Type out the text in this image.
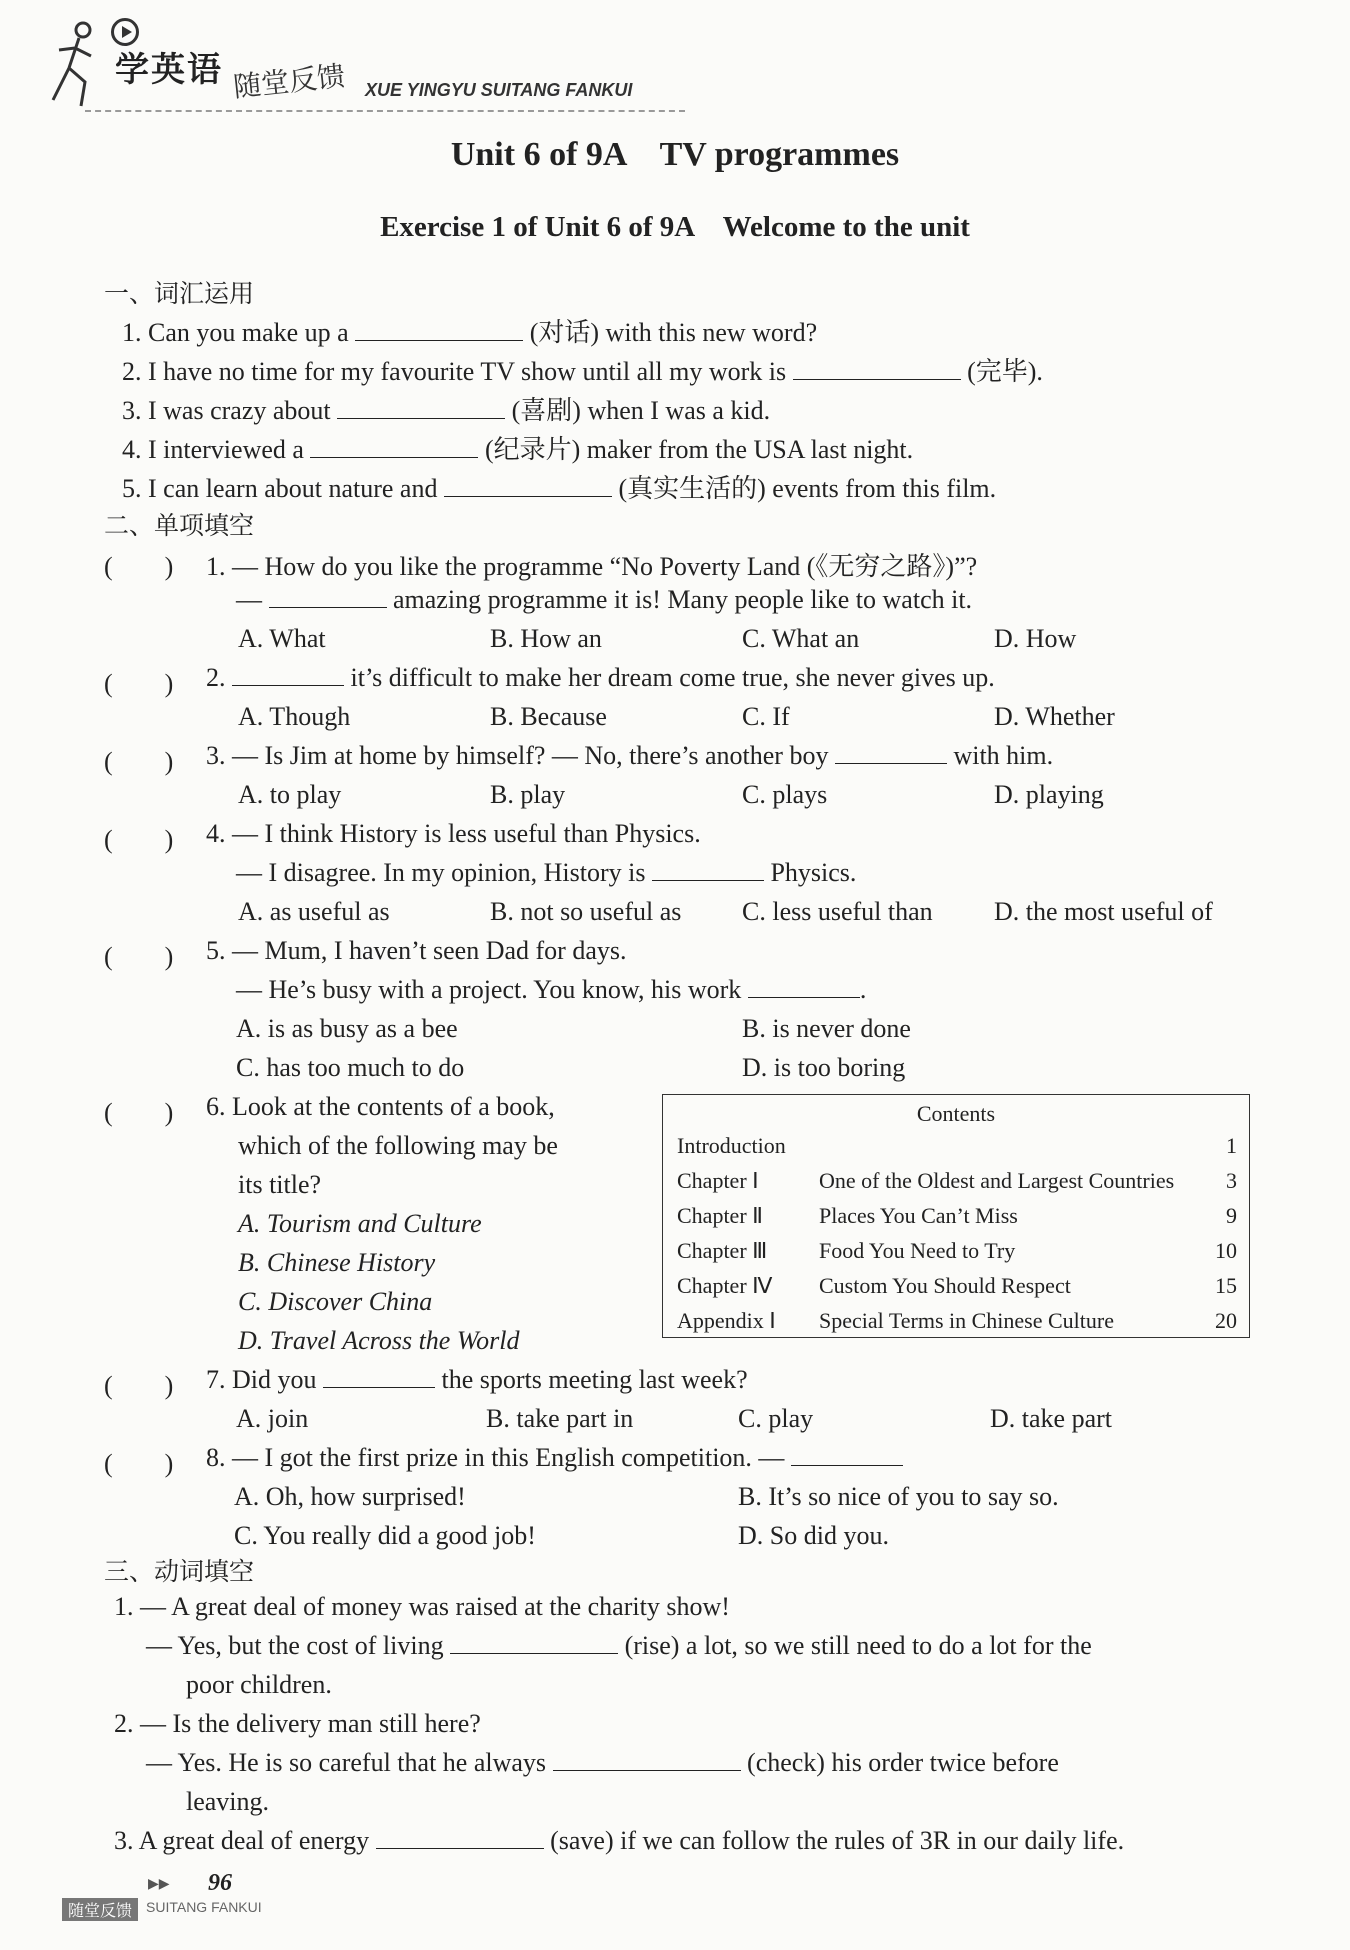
学英语 随堂反馈 XUE YINGYU SUITANG FANKUI
Unit 6 of 9A　TV programmes
Exercise 1 of Unit 6 of 9A　Welcome to the unit
一、词汇运用
1. Can you make up a	(对话) with this new word?
2. I have no time for my favourite TV show until all my work is	(完毕).
3. I was crazy about	(喜剧) when I was a kid.
4. I interviewed a	(纪录片) maker from the USA last night.
5. I can learn about nature and	(真实生活的) events from this film.
二、单项填空
(　　) 1. — How do you like the programme “No Poverty Land (《无穷之路》)”?
—	amazing programme it is! Many people like to watch it.
A. What	B. How an	C. What an	D. How
(　　) 2.	it’s difficult to make her dream come true, she never gives up.
A. Though	B. Because	C. If	D. Whether
(　　) 3. — Is Jim at home by himself? — No, there’s another boy	with him.
A. to play	B. play	C. plays	D. playing
(　　) 4. — I think History is less useful than Physics.
— I disagree. In my opinion, History is	Physics.
A. as useful as	B. not so useful as C. less useful than D. the most useful of
(　　) 5. — Mum, I haven’t seen Dad for days.
— He’s busy with a project. You know, his work	.
A. is as busy as a bee	B. is never done
C. has too much to do	D. is too boring
(　　) 6. Look at the contents of a book,
which of the following may be
its title?
A. Tourism and Culture
B. Chinese History
C. Discover China
D. Travel Across the World
Contents
Introduction	1
Chapter Ⅰ	One of the Oldest and Largest Countries 3
Chapter Ⅱ	Places You Can’t Miss	9
Chapter Ⅲ Food You Need to Try	10
Chapter Ⅳ Custom You Should Respect	15
Appendix Ⅰ Special Terms in Chinese Culture	20
(　　) 7. Did you	the sports meeting last week?
A. join	B. take part in	C. play	D. take part
(　　) 8. — I got the first prize in this English competition. —
A. Oh, how surprised!	B. It’s so nice of you to say so.
C. You really did a good job!	D. So did you.
三、动词填空
1. — A great deal of money was raised at the charity show!
— Yes, but the cost of living	(rise) a lot, so we still need to do a lot for the
poor children.
2. — Is the delivery man still here?
— Yes. He is so careful that he always	(check) his order twice before
leaving.
3. A great deal of energy	(save) if we can follow the rules of 3R in our daily life.
▶▶ 96
随堂反馈 SUITANG FANKUI
